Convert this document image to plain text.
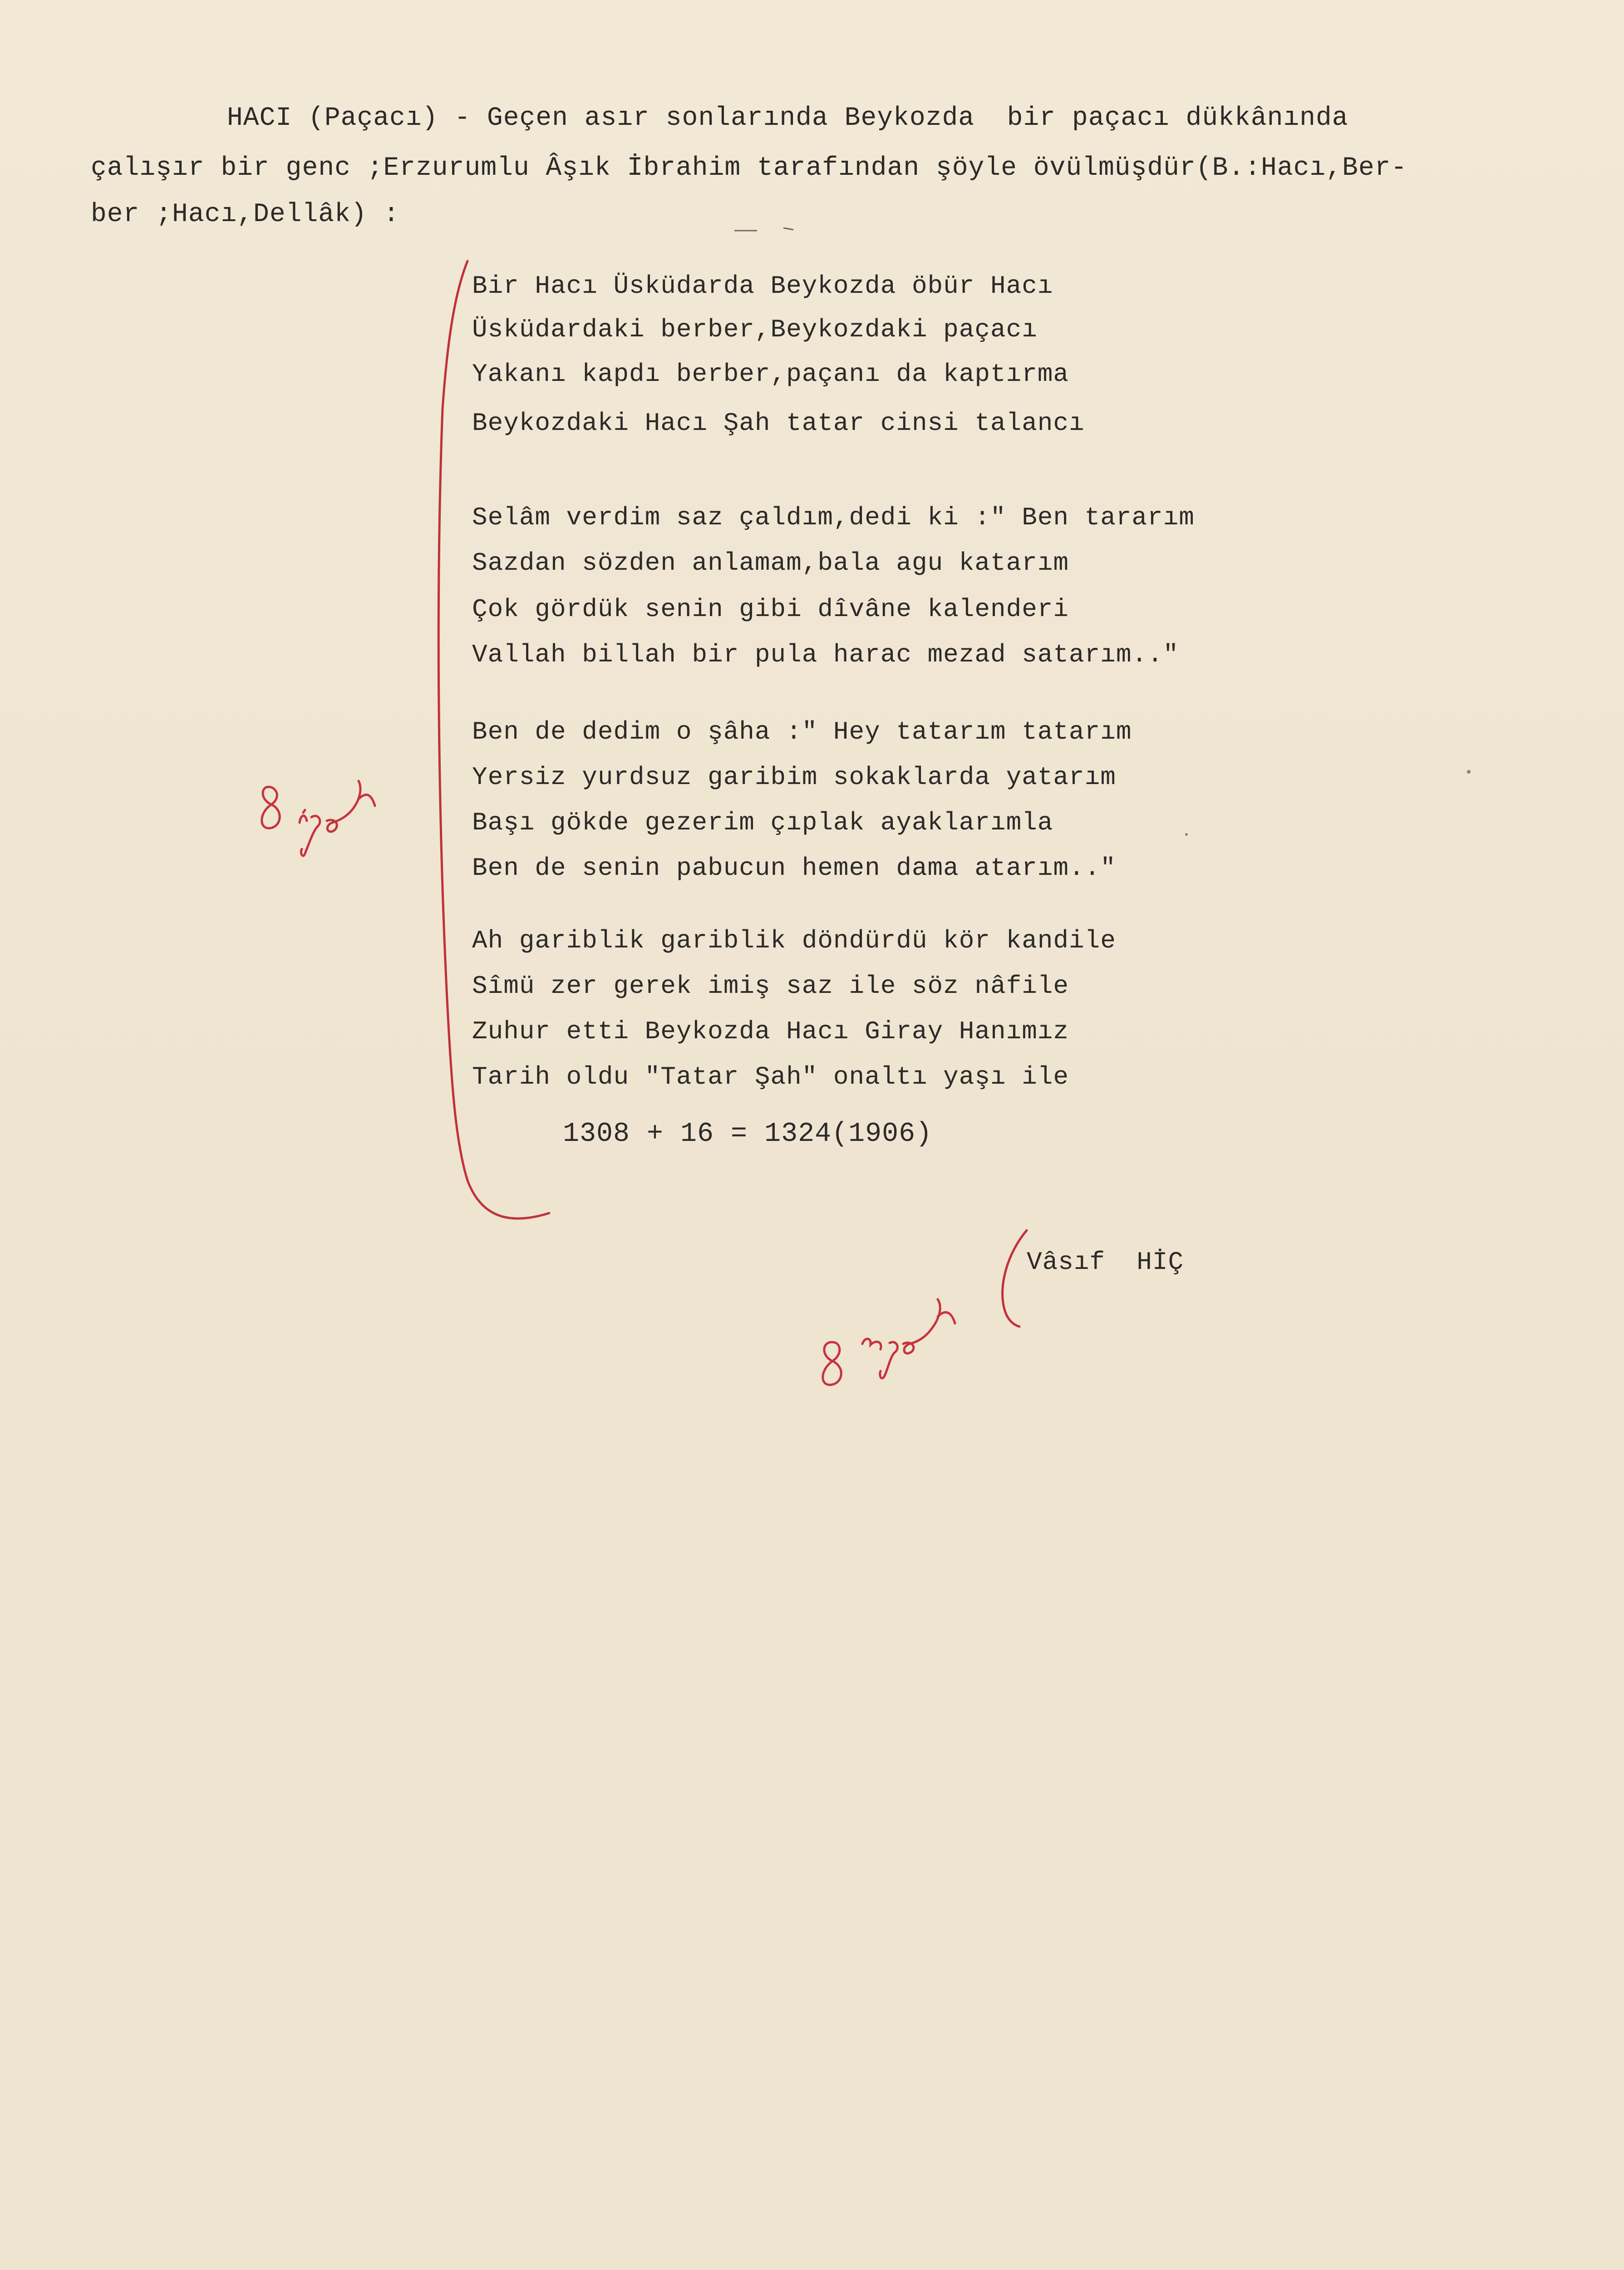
HACI (Paçacı) - Geçen asır sonlarında Beykozda  bir paçacı dükkânında
çalışır bir genc ;Erzurumlu Âşık İbrahim tarafından şöyle övülmüşdür(B.:Hacı,Ber-
ber ;Hacı,Dellâk) :
Bir Hacı Üsküdarda Beykozda öbür Hacı
Üsküdardaki berber,Beykozdaki paçacı
Yakanı kapdı berber,paçanı da kaptırma
Beykozdaki Hacı Şah tatar cinsi talancı
Selâm verdim saz çaldım,dedi ki :" Ben tararım
Sazdan sözden anlamam,bala agu katarım
Çok gördük senin gibi dîvâne kalenderi
Vallah billah bir pula harac mezad satarım.."
Ben de dedim o şâha :" Hey tatarım tatarım
Yersiz yurdsuz garibim sokaklarda yatarım
Başı gökde gezerim çıplak ayaklarımla
Ben de senin pabucun hemen dama atarım.."
Ah gariblik gariblik döndürdü kör kandile
Sîmü zer gerek imiş saz ile söz nâfile
Zuhur etti Beykozda Hacı Giray Hanımız
Tarih oldu "Tatar Şah" onaltı yaşı ile
1308 + 16 = 1324(1906)
Vâsıf  HİÇ
